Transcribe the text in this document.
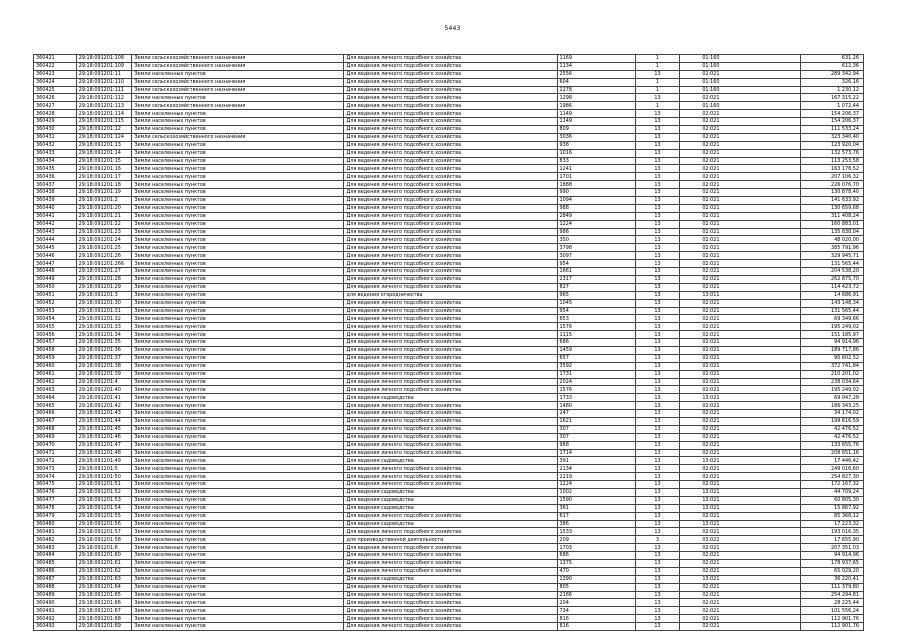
5443
360421	29:18:091201:108	Земли сельскохозяйственного назначения	Для ведения личного подсобного хозяйства	1169	1	01:160	631,26
360422	29:18:091201:109	Земли сельскохозяйственного назначения	Для ведения личного подсобного хозяйства	1134	1	01:160	612,36
360423	29:18:091201:11	Земли населенных пунктов	Для ведения личного подсобного хозяйства	2556	13	02:021	289 342,94
360424	29:18:091201:110	Земли сельскохозяйственного назначения	Для ведения личного подсобного хозяйства	604	1	01:160	326,16
360425	29:18:091201:111	Земли сельскохозяйственного назначения	Для ведения личного подсобного хозяйства	2278	1	01:160	1 230,12
360426	29:18:091201:112	Земли населенных пунктов	Для ведения личного подсобного хозяйства	1298	13	02:021	167 315,22
360427	29:18:091201:113	Земли сельскохозяйственного назначения	Для ведения личного подсобного хозяйства	1986	1	01:160	1 072,44
360428	29:18:091201:114	Земли населенных пунктов	Для ведения личного подсобного хозяйства	1149	13	02:021	154 206,37
360429	29:18:091201:115	Земли населенных пунктов	Для ведения личного подсобного хозяйства	1149	13	02:021	154 206,37
360430	29:18:091201:12	Земли населенных пунктов	Для ведения личного подсобного хозяйства	809	13	02:021	111 533,24
360431	29:18:091201:124	Земли сельскохозяйственного назначения	Для ведения личного подсобного хозяйства	3036	13	02:021	323 340,40
360432	29:18:091201:13	Земли населенных пунктов	Для ведения личного подсобного хозяйства	938	13	02:021	123 920,04
360433	29:18:091201:14	Земли населенных пунктов	Для ведения личного подсобного хозяйства	1016	13	02:021	132 573,76
360434	29:18:091201:15	Земли населенных пунктов	Для ведения личного подсобного хозяйства	833	13	02:021	113 253,58
360435	29:18:091201:16	Земли населенных пунктов	Для ведения личного подсобного хозяйства	1241	13	02:021	163 178,52
360436	29:18:091201:17	Земли населенных пунктов	Для ведения личного подсобного хозяйства	1701	13	02:021	207 106,32
360437	29:18:091201:18	Земли населенных пунктов	Для ведения личного подсобного хозяйства	1888	13	02:021	226 076,70
360438	29:18:091201:19	Земли населенных пунктов	Для ведения личного подсобного хозяйства	990	13	02:021	130 878,40
360439	29:18:091201:2	Земли населенных пунктов	Для ведения личного подсобного хозяйства	1094	13	02:021	141 633,92
360440	29:18:091201:20	Земли населенных пунктов	Для ведения личного подсобного хозяйства	988	13	02:021	130 659,68
360441	29:18:091201:21	Земли населенных пунктов	Для ведения личного подсобного хозяйства	2849	13	02:021	311 408,24
360442	29:18:091201:22	Земли населенных пунктов	Для ведения личного подсобного хозяйства	1224	13	02:021	160 883,01
360443	29:18:091201:23	Земли населенных пунктов	Для ведения личного подсобного хозяйства	986	13	02:021	135 838,04
360444	29:18:091201:24	Земли населенных пунктов	Для ведения личного подсобного хозяйства	350	13	02:021	48 020,00
360445	29:18:091201:25	Земли населенных пунктов	Для ведения личного подсобного хозяйства	3798	13	02:021	385 791,96
360446	29:18:091201:26	Земли населенных пунктов	Для ведения личного подсобного хозяйства	3097	13	02:021	329 945,71
360447	29:18:091201:266	Земли населенных пунктов	Для ведения личного подсобного хозяйства	954	13	02:021	131 565,44
360448	29:18:091201:27	Земли населенных пунктов	Для ведения личного подсобного хозяйства	1661	13	02:021	204 538,20
360449	29:18:091201:28	Земли населенных пунктов	Для ведения личного подсобного хозяйства	2317	13	02:021	262 875,70
360450	29:18:091201:29	Земли населенных пунктов	Для ведения личного подсобного хозяйства	827	13	02:021	114 423,72
360451	29:18:091201:3	Земли населенных пунктов	для ведения огородничества	965	13	13:011	14 686,91
360452	29:18:091201:30	Земли населенных пунктов	Для ведения личного подсобного хозяйства	1045	13	02:021	143 148,34
360453	29:18:091201:31	Земли населенных пунктов	Для ведения личного подсобного хозяйства	954	13	02:021	131 565,44
360454	29:18:091201:32	Земли населенных пунктов	Для ведения личного подсобного хозяйства	653	13	02:021	69 349,66
360455	29:18:091201:33	Земли населенных пунктов	Для ведения личного подсобного хозяйства	1576	13	02:021	195 249,02
360456	29:18:091201:34	Земли населенных пунктов	Для ведения личного подсобного хозяйства	1115	13	02:021	151 185,97
360457	29:18:091201:35	Земли населенных пунктов	Для ведения личного подсобного хозяйства	686	13	02:021	94 914,96
360458	29:18:091201:36	Земли населенных пунктов	Для ведения личного подсобного хозяйства	1459	13	02:021	189 717,86
360459	29:18:091201:37	Земли населенных пунктов	Для ведения личного подсобного хозяйства	657	13	02:021	90 602,52
360460	29:18:091201:38	Земли населенных пунктов	Для ведения личного подсобного хозяйства	3592	13	02:021	372 741,84
360461	29:18:091201:39	Земли населенных пунктов	Для ведения личного подсобного хозяйства	1731	13	02:021	210 201,02
360462	29:18:091201:4	Земли населенных пунктов	Для ведения личного подсобного хозяйства	2024	13	02:021	238 034,64
360463	29:18:091201:40	Земли населенных пунктов	Для ведения личного подсобного хозяйства	1576	13	02:021	195 249,02
360464	29:18:091201:41	Земли населенных пунктов	Для ведения садоводства	1733	13	13:021	69 047,28
360465	29:18:091201:42	Земли населенных пунктов	Для ведения личного подсобного хозяйства	1480	13	02:021	186 343,25
360466	29:18:091201:43	Земли населенных пунктов	Для ведения личного подсобного хозяйства	247	13	02:021	34 174,02
360467	29:18:091201:44	Земли населенных пунктов	Для ведения личного подсобного хозяйства	1621	13	02:021	199 616,59
360468	29:18:091201:45	Земли населенных пунктов	Для ведения личного подсобного хозяйства	307	13	02:021	42 476,52
360469	29:18:091201:46	Земли населенных пунктов	Для ведения личного подсобного хозяйства	307	13	02:021	42 476,52
360470	29:18:091201:47	Земли населенных пунктов	Для ведения личного подсобного хозяйства	968	13	02:021	133 655,76
360471	29:18:091201:48	Земли населенных пунктов	Для ведения личного подсобного хозяйства	1714	13	02:021	208 651,16
360472	29:18:091201:49	Земли населенных пунктов	Для ведения садоводства	391	13	13:021	17 446,42
360473	29:18:091201:5	Земли населенных пунктов	Для ведения личного подсобного хозяйства	2134	13	02:021	249 016,60
360474	29:18:091201:50	Земли населенных пунктов	Для ведения личного подсобного хозяйства	2219	13	02:021	254 827,30
360475	29:18:091201:51	Земли населенных пунктов	Для ведения личного подсобного хозяйства	1224	13	02:021	172 167,32
360476	29:18:091201:52	Земли населенных пунктов	Для ведения садоводства	1002	13	13:021	44 709,24
360477	29:18:091201:53	Земли населенных пунктов	Для ведения садоводства	1590	13	13:021	60 805,30
360478	29:18:091201:54	Земли населенных пунктов	Для ведения садоводства	361	13	13:021	15 867,92
360479	29:18:091201:55	Земли населенных пунктов	Для ведения личного подсобного хозяйства	617	13	02:021	85 368,12
360480	29:18:091201:56	Земли населенных пунктов	Для ведения садоводства	386	13	13:021	17 223,32
360481	29:18:091201:57	Земли населенных пунктов	Для ведения личного подсобного хозяйства	1533	13	02:021	193 016,35
360482	29:18:091201:58	Земли населенных пунктов	для производственной деятельности	209	3	03:022	17 655,90
360483	29:18:091201:6	Земли населенных пунктов	Для ведения личного подсобного хозяйства	1703	13	02:021	207 351,03
360484	29:18:091201:60	Земли населенных пунктов	Для ведения личного подсобного хозяйства	686	13	02:021	94 914,96
360485	29:18:091201:61	Земли населенных пунктов	Для ведения личного подсобного хозяйства	1375	13	02:021	178 937,65
360486	29:18:091201:62	Земли населенных пунктов	Для ведения личного подсобного хозяйства	470	13	02:021	65 029,20
360487	29:18:091201:63	Земли населенных пунктов	Для ведения садоводства	1390	13	13:021	36 220,41
360488	29:18:091201:64	Земли населенных пунктов	Для ведения личного подсобного хозяйства	805	13	02:021	111 379,80
360489	29:18:091201:65	Земли населенных пунктов	Для ведения личного подсобного хозяйства	2186	13	02:021	254 294,81
360490	29:18:091201:66	Земли населенных пунктов	Для ведения личного подсобного хозяйства	204	13	02:021	28 225,44
360491	29:18:091201:67	Земли населенных пунктов	Для ведения личного подсобного хозяйства	734	13	02:021	101 556,24
360492	29:18:091201:68	Земли населенных пунктов	Для ведения личного подсобного хозяйства	816	13	02:021	112 901,76
360493	29:18:091201:69	Земли населенных пунктов	Для ведения личного подсобного хозяйства	816	13	02:021	112 901,76
